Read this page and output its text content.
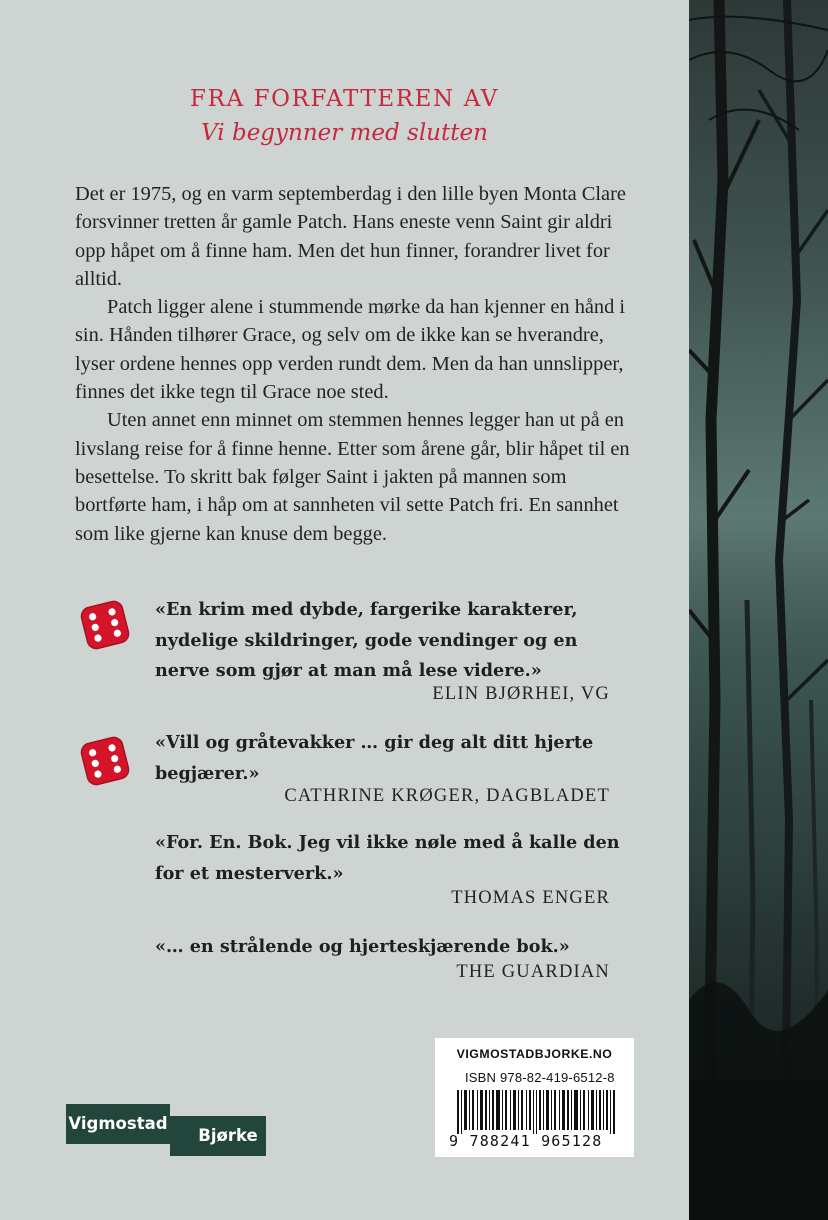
FRA FORFATTEREN AV
Vi begynner med slutten

Det er 1975, og en varm septemberdag i den lille byen Monta Clare forsvinner tretten år gamle Patch. Hans eneste venn Saint gir aldri opp håpet om å finne ham. Men det hun finner, forandrer livet for alltid.

Patch ligger alene i stummende mørke da han kjenner en hånd i sin. Hånden tilhører Grace, og selv om de ikke kan se hverandre, lyser ordene hennes opp verden rundt dem. Men da han unnslipper, finnes det ikke tegn til Grace noe sted.

Uten annet enn minnet om stemmen hennes legger han ut på en livslang reise for å finne henne. Etter som årene går, blir håpet til en besettelse. To skritt bak følger Saint i jakten på mannen som bortførte ham, i håp om at sannheten vil sette Patch fri. En sannhet som like gjerne kan knuse dem begge.

«En krim med dybde, fargerike karakterer, nydelige skildringer, gode vendinger og en nerve som gjør at man må lese videre.»
ELIN BJØRHEI, VG
«Vill og gråtevakker … gir deg alt ditt hjerte begjærer.»
CATHRINE KRØGER, DAGBLADET
«For. En. Bok. Jeg vil ikke nøle med å kalle den for et mesterverk.»
THOMAS ENGER
«… en strålende og hjerteskjærende bok.»
THE GUARDIAN
VIGMOSTADBJORKE.NO
ISBN 978-82-419-6512-8
9 788241 965128
Vigmostad
Bjørke
